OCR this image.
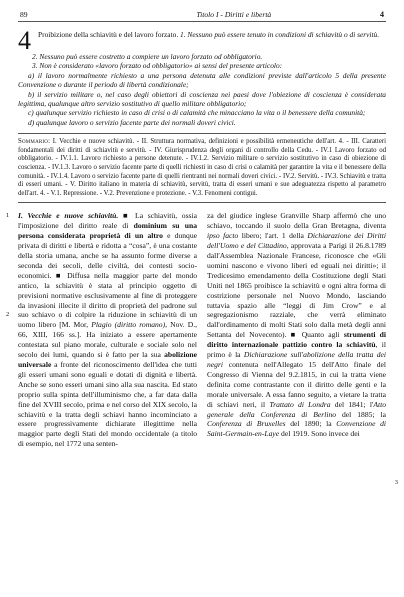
89	Titolo I - Diritti e libertà	4
4 Proibizione della schiavitù e del lavoro forzato. 1. Nessuno può essere tenuto in condizioni di schiavitù o di servitù.
2. Nessuno può essere costretto a compiere un lavoro forzato od obbligatorio.
3. Non è considerato «lavoro forzato od obbligatorio» ai sensi del presente articolo:
a) il lavoro normalmente richiesto a una persona detenuta alle condizioni previste dall'articolo 5 della presente Convenzione o durante il periodo di libertà condizionale;
b) il servizio militare o, nel caso degli obiettori di coscienza nei paesi dove l'obiezione di coscienza è considerata legittima, qualunque altro servizio sostitutivo di quello militare obbligatorio;
c) qualunque servizio richiesto in caso di crisi o di calamità che minacciano la vita o il benessere della comunità;
d) qualunque lavoro o servizio facente parte dei normali doveri civici.
Sommario: I. Vecchie e nuove schiavitù. - II. Struttura normativa, definizioni e possibilità ermeneutiche dell'art. 4. - III. Caratteri fondamentali dei diritti di schiavitù e servitù. - IV. Giurisprudenza degli organi di controllo della Cedu. - IV.1 Lavoro forzato od obbligatorio. - IV.1.1. Lavoro richiesto a persone detenute. - IV.1.2. Servizio militare o servizio sostitutivo in caso di obiezione di coscienza. - IV.1.3. Lavoro o servizio facente parte di quelli richiesti in caso di crisi o calamità per garantire la vita e il benessere della comunità. - IV.1.4. Lavoro o servizio facente parte di quelli rientranti nei normali doveri civici. - IV.2. Servitù. - IV.3. Schiavitù e tratta di esseri umani. - V. Diritto italiano in materia di schiavitù, servitù, tratta di esseri umani e sue adeguatezza rispetto al parametro dell'art. 4. - V.1. Repressione. - V.2. Prevenzione e protezione. - V.3. Fenomeni contigui.
1
2

I. Vecchie e nuove schiavitù. ■ La schiavitù, ossia l'imposizione del diritto reale di dominium su una persona considerata proprietà di un altro e dunque privata di diritti e libertà e ridotta a “cosa”, è una costante della storia umana, anche se ha assunto forme diverse a seconda dei secoli, delle civiltà, dei contesti socio-economici. ■ Diffusa nella maggior parte del mondo antico, la schiavitù è stata al principio oggetto di previsioni normative esclusivamente al fine di proteggere da invasioni illecite il diritto di proprietà del padrone sul suo schiavo o di colpire la riduzione in schiavitù di un uomo libero [M. Mor, Plagio (diritto romano), Nov. D., 66, XIII, 166 ss.]. Ha iniziato a essere apertamente contestata sul piano morale, culturale e sociale solo nel secolo dei lumi, quando si è fatto per la sua abolizione universale a fronte del riconoscimento dell'idea che tutti gli esseri umani sono eguali e dotati di dignità e libertà. Anche se sono esseri umani sino alla sua nascita. Ed stato proprio sulla spinta dell'illuminismo che, a far data dalla fine del XVIII secolo, prima e nel corso del XIX secolo, la schiavitù e la tratta degli schiavi hanno incominciato a essere progressivamente dichiarate illegittime nella maggior parte degli Stati del mondo occidentale (a titolo di esempio, nel 1772 una senten-

3

za del giudice inglese Granville Sharp affermò che uno schiavo, toccando il suolo della Gran Bretagna, diventa ipso facto libero; l'art. 1 della Dichiarazione dei Diritti dell'Uomo e del Cittadino, approvata a Parigi il 26.8.1789 dall'Assemblea Nazionale Francese, riconosce che «Gli uomini nascono e vivono liberi ed eguali nei diritti»; il Tredicesimo emendamento della Costituzione degli Stati Uniti nel 1865 proibisce la schiavitù e ogni altra forma di costrizione personale nel Nuovo Mondo, lasciando tuttavia spazio alle “leggi di Jim Crow” e al segregazionismo razziale, che verrà eliminato dall'ordinamento di molti Stati solo dalla metà degli anni Settanta del Novecento). ■ Quanto agli strumenti di diritto internazionale pattizio contro la schiavitù, il primo è la Dichiarazione sull'abolizione della tratta dei negri contenuta nell'Allegato 15 dell'Atto finale del Congresso di Vienna del 9.2.1815, in cui la tratta viene definita come contrastante con il diritto delle genti e la morale universale. A essa fanno seguito, a vietare la tratta di schiavi neri, il Trattato di Londra del 1841; l'Atto generale della Conferenza di Berlino del 1885; la Conferenza di Bruxelles del 1890; la Convenzione di Saint-Germain-en-Laye del 1919. Sono invece dei
